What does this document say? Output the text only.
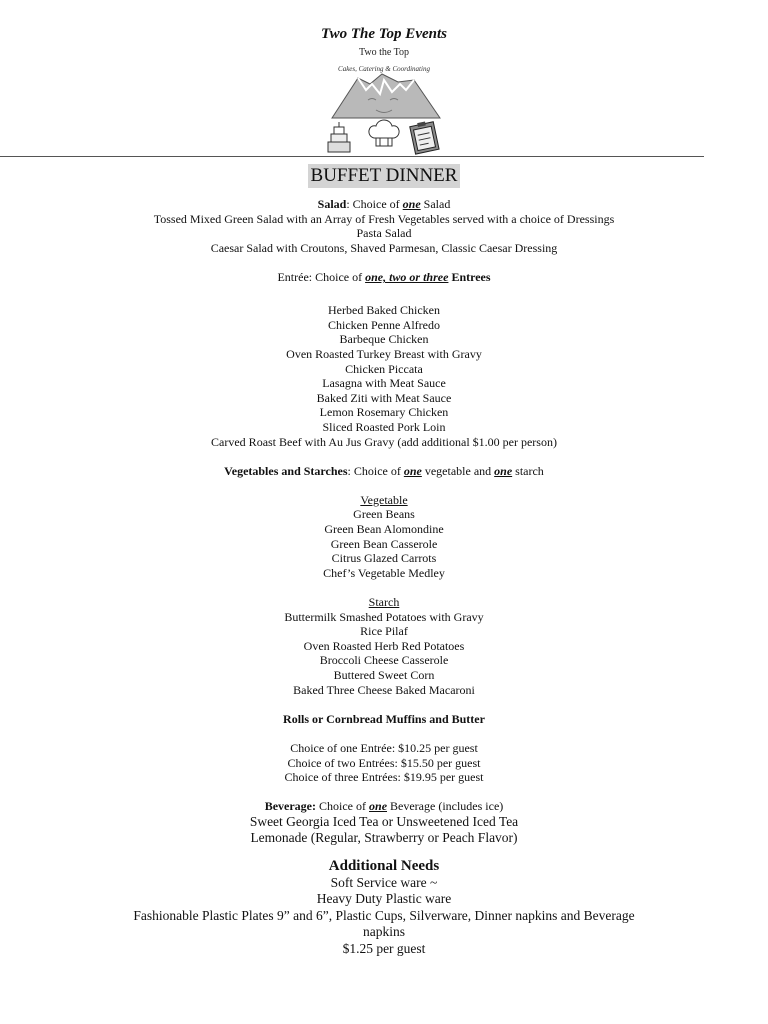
Two The Top Events
Two the Top
Cakes, Catering & Coordinating
BUFFET DINNER
Salad: Choice of one Salad
Tossed Mixed Green Salad with an Array of Fresh Vegetables served with a choice of Dressings
Pasta Salad
Caesar Salad with Croutons, Shaved Parmesan, Classic Caesar Dressing
Entrée: Choice of one, two or three Entrees
Herbed Baked Chicken
Chicken Penne Alfredo
Barbeque Chicken
Oven Roasted Turkey Breast with Gravy
Chicken Piccata
Lasagna with Meat Sauce
Baked Ziti with Meat Sauce
Lemon Rosemary Chicken
Sliced Roasted Pork Loin
Carved Roast Beef with Au Jus Gravy (add additional $1.00 per person)
Vegetables and Starches: Choice of one vegetable and one starch
Vegetable
Green Beans
Green Bean Alomondine
Green Bean Casserole
Citrus Glazed Carrots
Chef’s Vegetable Medley
Starch
Buttermilk Smashed Potatoes with Gravy
Rice Pilaf
Oven Roasted Herb Red Potatoes
Broccoli Cheese Casserole
Buttered Sweet Corn
Baked Three Cheese Baked Macaroni
Rolls or Cornbread Muffins and Butter
Choice of one Entrée: $10.25 per guest
Choice of two Entrées: $15.50 per guest
Choice of three Entrées: $19.95 per guest
Beverage: Choice of one Beverage (includes ice)
Sweet Georgia Iced Tea or Unsweetened Iced Tea
Lemonade (Regular, Strawberry or Peach Flavor)
Additional Needs
Soft Service ware ~
Heavy Duty Plastic ware
Fashionable Plastic Plates 9” and 6”, Plastic Cups, Silverware, Dinner napkins and Beverage
napkins
$1.25 per guest
